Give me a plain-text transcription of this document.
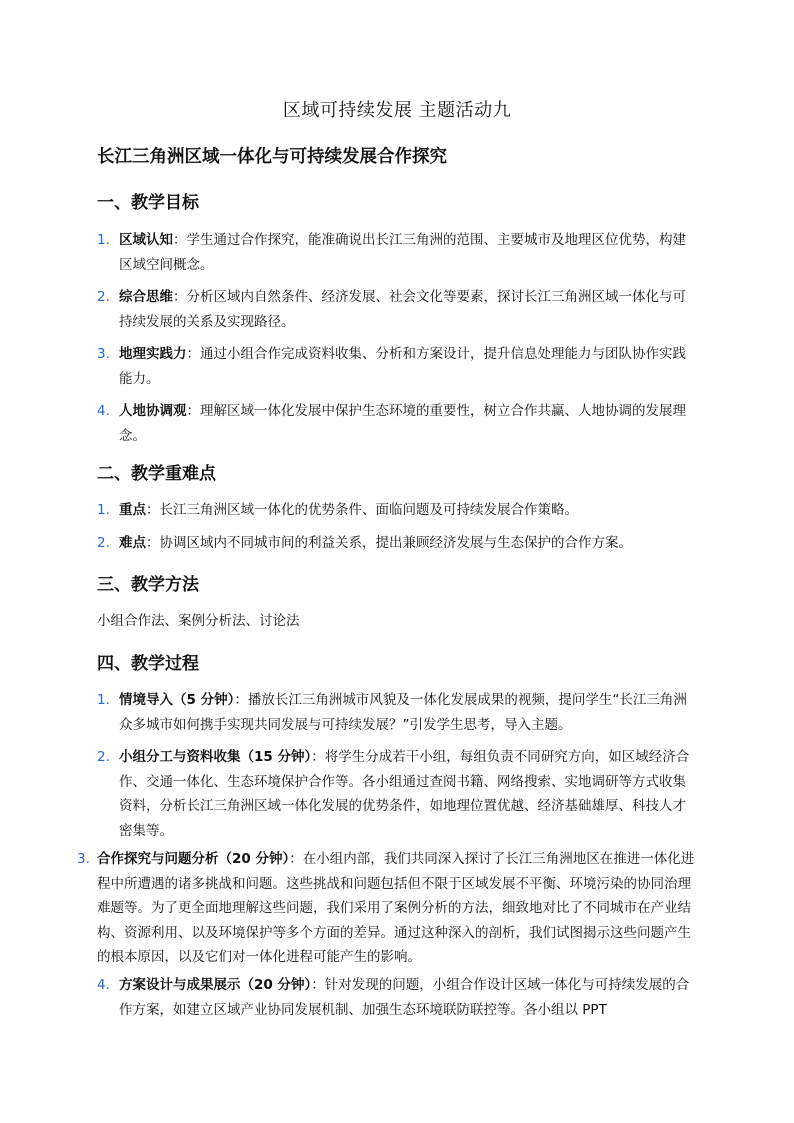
区域可持续发展 主题活动九
长江三角洲区域一体化与可持续发展合作探究
一、教学目标
1. 区域认知：学生通过合作探究，能准确说出长江三角洲的范围、主要城市及地理区位优势，构建区域空间概念。
2. 综合思维：分析区域内自然条件、经济发展、社会文化等要素，探讨长江三角洲区域一体化与可持续发展的关系及实现路径。
3. 地理实践力：通过小组合作完成资料收集、分析和方案设计，提升信息处理能力与团队协作实践能力。
4. 人地协调观：理解区域一体化发展中保护生态环境的重要性，树立合作共赢、人地协调的发展理念。
二、教学重难点
1. 重点：长江三角洲区域一体化的优势条件、面临问题及可持续发展合作策略。
2. 难点：协调区域内不同城市间的利益关系，提出兼顾经济发展与生态保护的合作方案。
三、教学方法
小组合作法、案例分析法、讨论法
四、教学过程
1. 情境导入（5 分钟）：播放长江三角洲城市风貌及一体化发展成果的视频，提问学生“长江三角洲众多城市如何携手实现共同发展与可持续发展？”引发学生思考，导入主题。
2. 小组分工与资料收集（15 分钟）：将学生分成若干小组，每组负责不同研究方向，如区域经济合作、交通一体化、生态环境保护合作等。各小组通过查阅书籍、网络搜索、实地调研等方式收集资料，分析长江三角洲区域一体化发展的优势条件，如地理位置优越、经济基础雄厚、科技人才密集等。
3. 合作探究与问题分析（20 分钟）：在小组内部，我们共同深入探讨了长江三角洲地区在推进一体化进程中所遭遇的诸多挑战和问题。这些挑战和问题包括但不限于区域发展不平衡、环境污染的协同治理难题等。为了更全面地理解这些问题，我们采用了案例分析的方法，细致地对比了不同城市在产业结构、资源利用、以及环境保护等多个方面的差异。通过这种深入的剖析，我们试图揭示这些问题产生的根本原因，以及它们对一体化进程可能产生的影响。
4. 方案设计与成果展示（20 分钟）：针对发现的问题，小组合作设计区域一体化与可持续发展的合作方案，如建立区域产业协同发展机制、加强生态环境联防联控等。各小组以 PPT
